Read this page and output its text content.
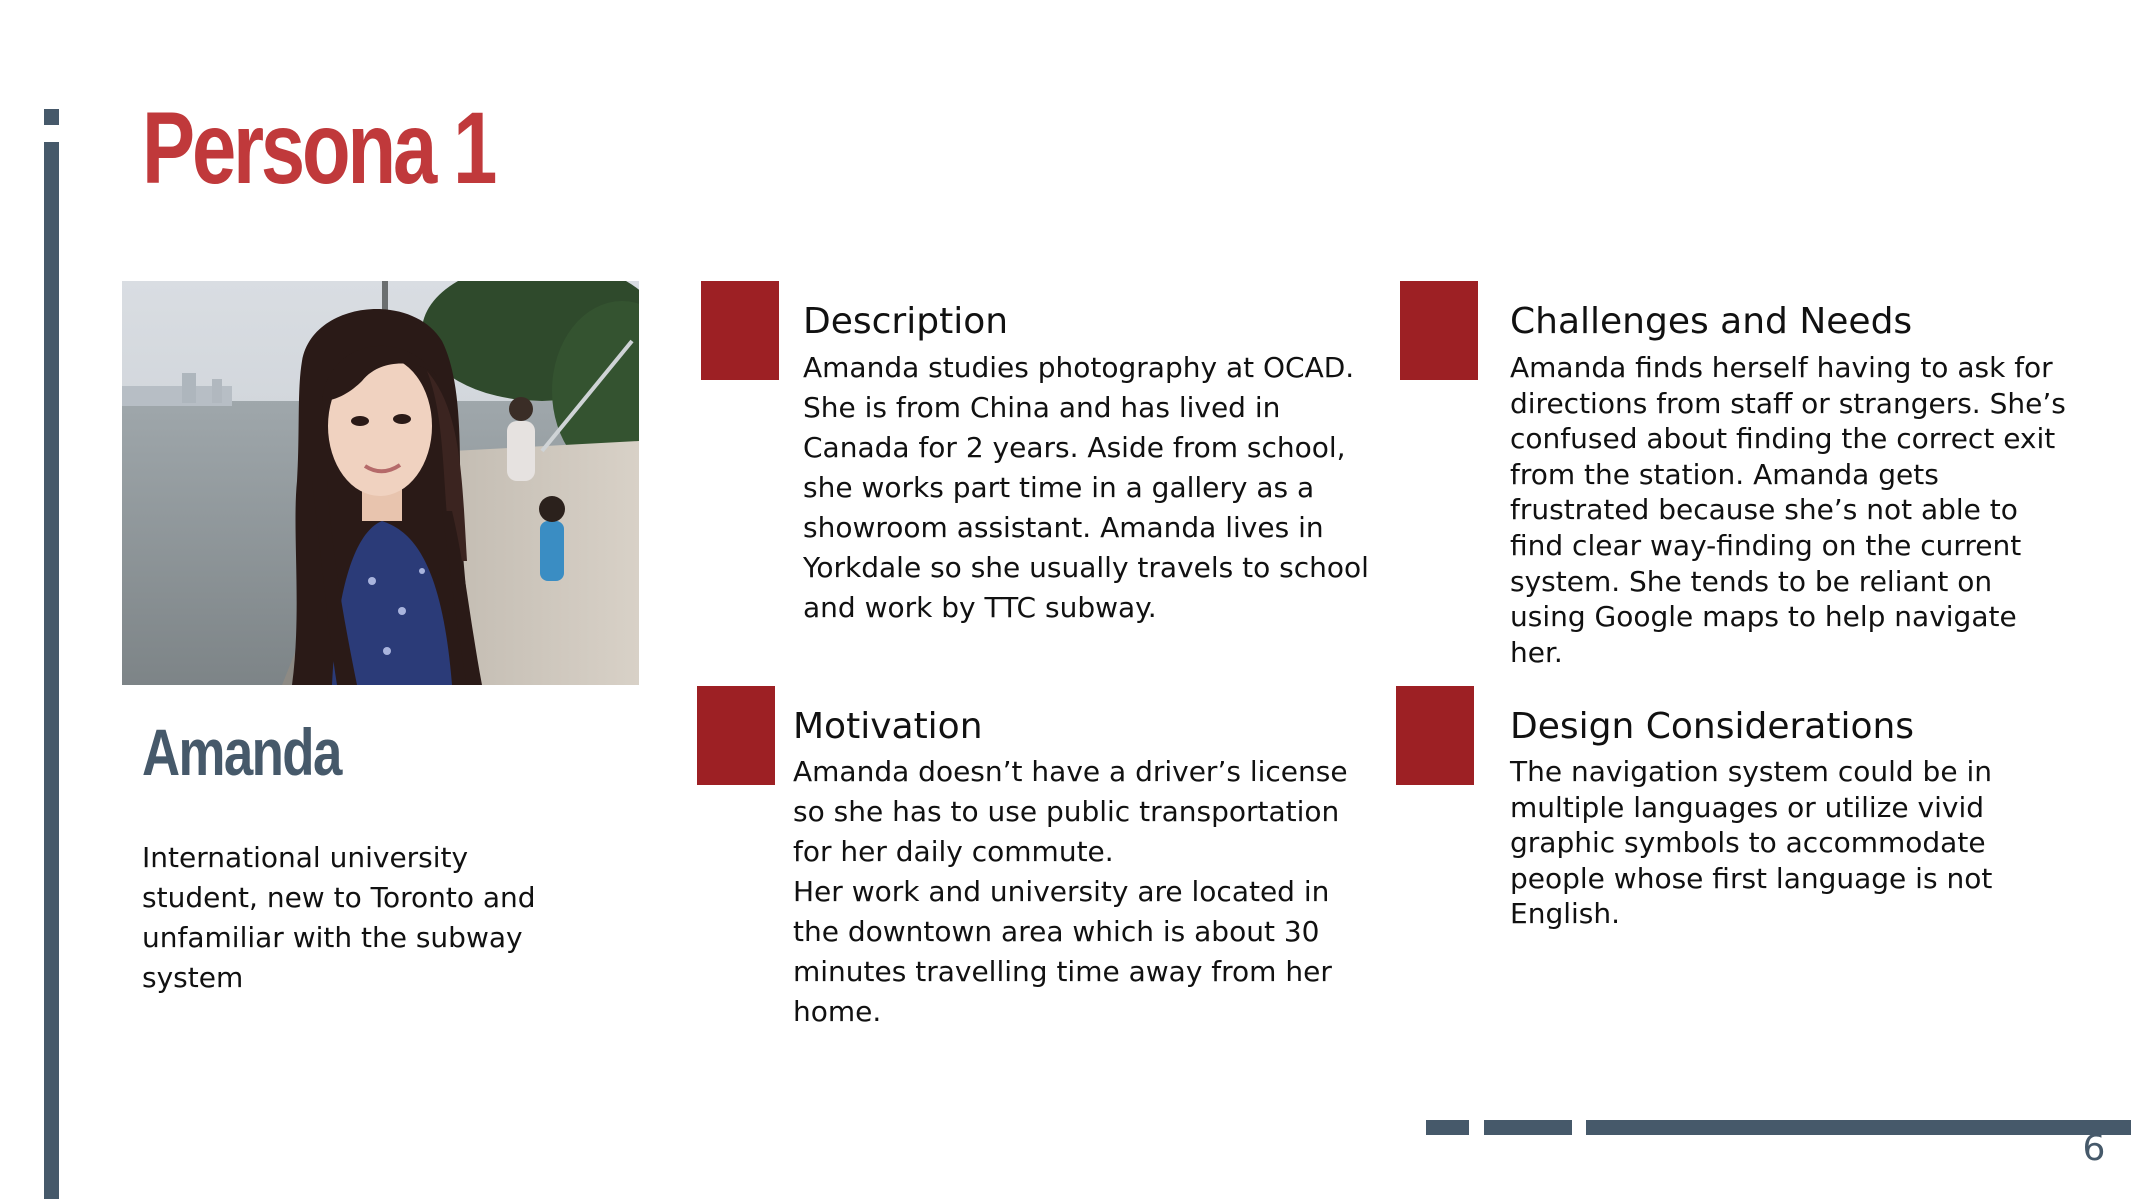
Persona 1
Amanda
International university student, new to Toronto and unfamiliar with the subway system
Description
Amanda studies photography at OCAD. She is from China and has lived in Canada for 2 years. Aside from school, she works part time in a gallery as a showroom assistant. Amanda lives in Yorkdale so she usually travels to school and work by TTC subway.
Challenges and Needs
Amanda finds herself having to ask for directions from staff or strangers. She’s confused about finding the correct exit from the station. Amanda gets frustrated because she’s not able to find clear way-finding on the current system. She tends to be reliant on using Google maps to help navigate her.
Motivation
Amanda doesn’t have a driver’s license so she has to use public transportation for her daily commute.
Her work and university are located in the downtown area which is about 30 minutes travelling time away from her home.
Design Considerations
The navigation system could be in multiple languages or utilize vivid graphic symbols to accommodate people whose first language is not English.
6
